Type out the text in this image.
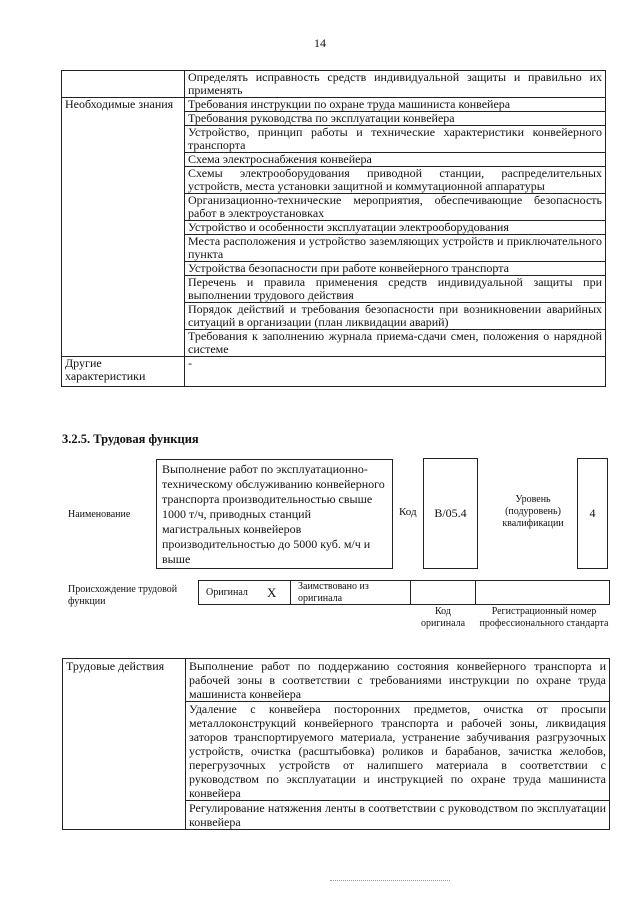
14
	Определять исправность средств индивидуальной защиты и правильно их применять
Необходимые знания	Требования инструкции по охране труда машиниста конвейера
	Требования руководства по эксплуатации конвейера
	Устройство, принцип работы и технические характеристики конвейерного транспорта
	Схема электроснабжения конвейера
	Схемы электрооборудования приводной станции, распределительных устройств, места установки защитной и коммутационной аппаратуры
	Организационно-технические мероприятия, обеспечивающие безопасность работ в электроустановках
	Устройство и особенности эксплуатации электрооборудования
	Места расположения и устройство заземляющих устройств и приключательного пункта
	Устройства безопасности при работе конвейерного транспорта
	Перечень и правила применения средств индивидуальной защиты при выполнении трудового действия
	Порядок действий и требования безопасности при возникновении аварийных ситуаций в организации (план ликвидации аварий)
	Требования к заполнению журнала приема-сдачи смен, положения о нарядной системе
Другие характеристики	-
3.2.5. Трудовая функция
Наименование
Выполнение работ по эксплуатационно-техническому обслуживанию конвейерного транспорта производительностью свыше 1000 т/ч, приводных станций магистральных конвейеров производительностью до 5000 куб. м/ч и выше
Код	B/05.4
Уровень (подуровень) квалификации
4
Происхождение трудовой функции
Оригинал X Заимствовано из оригинала
Код оригинала
Регистрационный номер профессионального стандарта
Трудовые действия	Выполнение работ по поддержанию состояния конвейерного транспорта и рабочей зоны в соответствии с требованиями инструкции по охране труда машиниста конвейера
Удаление с конвейера посторонних предметов, очистка от просыпи металлоконструкций конвейерного транспорта и рабочей зоны, ликвидация заторов транспортируемого материала, устранение забучивания разгрузочных устройств, очистка (расштыбовка) роликов и барабанов, зачистка желобов, перегрузочных устройств от налипшего материала в соответствии с руководством по эксплуатации и инструкцией по охране труда машиниста конвейера
Регулирование натяжения ленты в соответствии с руководством по эксплуатации конвейера
